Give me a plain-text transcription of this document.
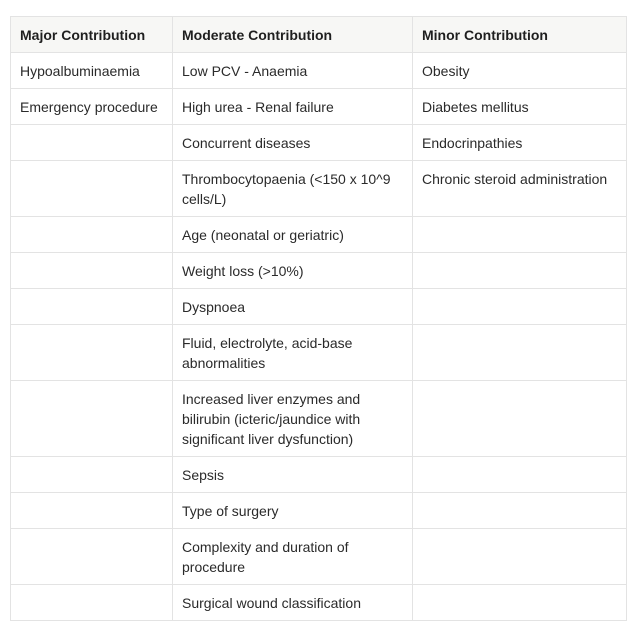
Major Contribution	Moderate Contribution	Minor Contribution
Hypoalbuminaemia	Low PCV - Anaemia	Obesity
Emergency procedure	High urea - Renal failure	Diabetes mellitus
	Concurrent diseases	Endocrinpathies
	Thrombocytopaenia (<150 x 10^9 cells/L)	Chronic steroid administration
	Age (neonatal or geriatric)	
	Weight loss (>10%)	
	Dyspnoea	
	Fluid, electrolyte, acid-base abnormalities	
	Increased liver enzymes and bilirubin (icteric/jaundice with significant liver dysfunction)	
	Sepsis	
	Type of surgery	
	Complexity and duration of procedure	
	Surgical wound classification	
